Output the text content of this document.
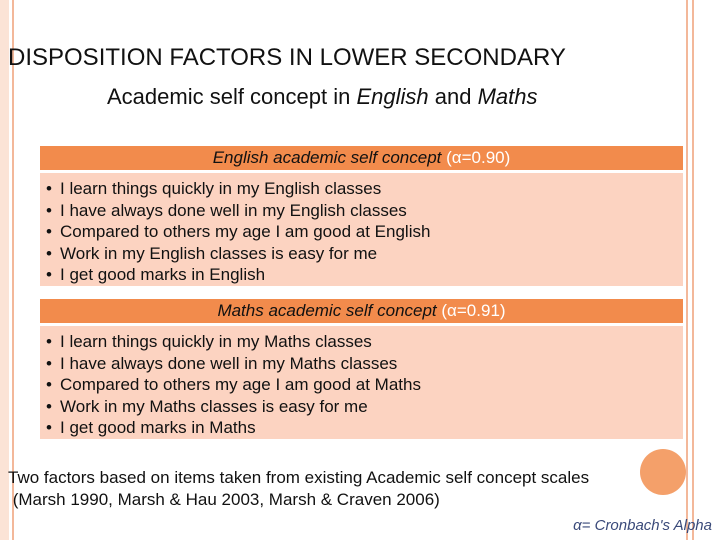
DISPOSITION FACTORS IN LOWER SECONDARY
Academic self concept in English and Maths
English academic self concept (α=0.90)
• I learn things quickly in my English classes
• I have always done well in my English classes
• Compared to others my age I am good at English
• Work in my English classes is easy for me
• I get good marks in English
Maths academic self concept (α=0.91)
• I learn things quickly in my Maths classes
• I have always done well in my Maths classes
• Compared to others my age I am good at Maths
• Work in my Maths classes is easy for me
• I get good marks in Maths
Two factors based on items taken from existing Academic self concept scales
(Marsh 1990, Marsh & Hau 2003, Marsh & Craven 2006)
α= Cronbach's Alpha
